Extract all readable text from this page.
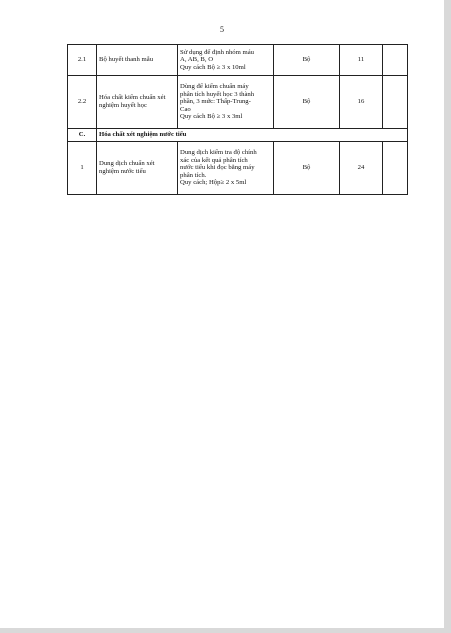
5
2.1	Bộ huyết thanh mẫu	Sử dụng để định nhóm máu
A, AB, B, O
Quy cách Bộ ≥ 3 x 10ml	Bộ	11	
2.2	Hóa chất kiểm chuẩn xét nghiệm huyết học	Dùng để kiểm chuẩn máy
phân tích huyết học 3 thành
phần, 3 mức: Thấp-Trung-
Cao
Quy cách Bộ ≥ 3 x 3ml	Bộ	16	
C.	Hóa chất xét nghiệm nước tiểu				
1	Dung dịch chuẩn xét nghiệm nước tiểu	Dung dịch kiểm tra độ chính
xác của kết quả phân tích
nước tiểu khi đọc bằng máy
phân tích.
Quy cách; Hộp≥ 2 x 5ml	Bộ	24	
